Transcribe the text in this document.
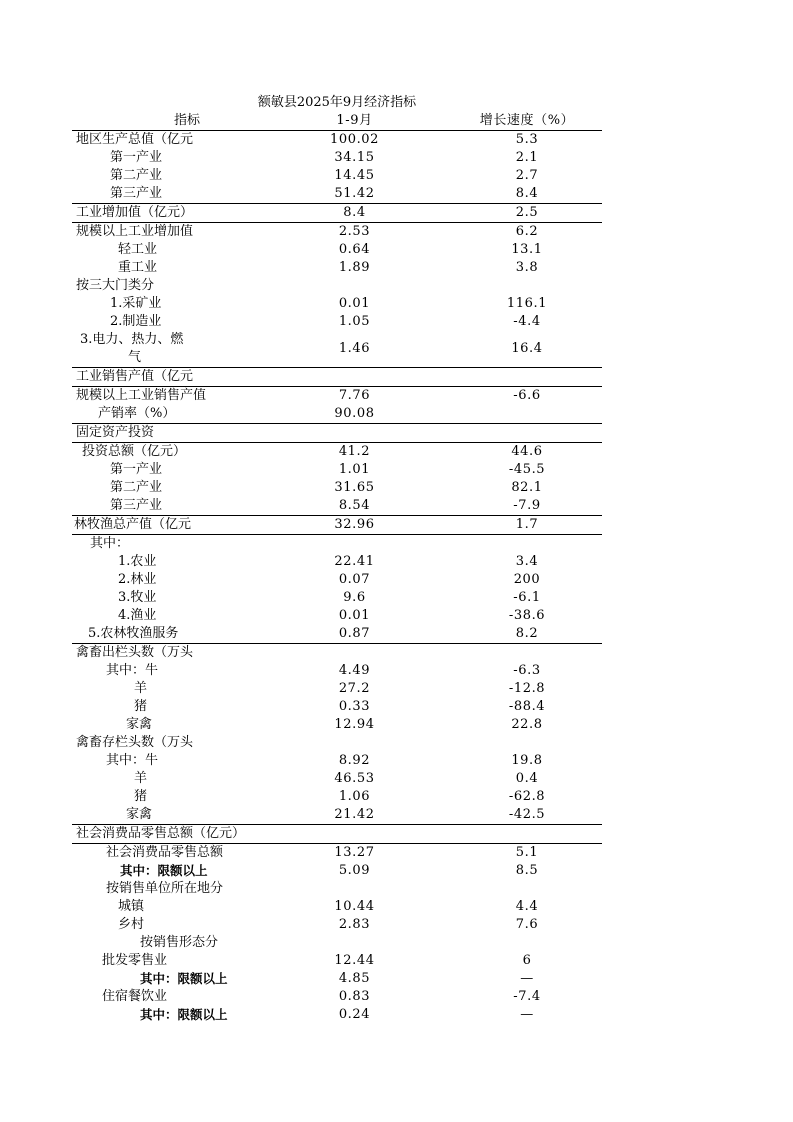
额敏县2025年9月经济指标
指标	1-9月	增长速度（%）
地区生产总值（亿元	100.02	5.3
第一产业	34.15	2.1
第二产业	14.45	2.7
第三产业	51.42	8.4
工业增加值（亿元）	8.4	2.5
规模以上工业增加值	2.53	6.2
轻工业	0.64	13.1
重工业	1.89	3.8
按三大门类分
1.采矿业	0.01	116.1
2.制造业	1.05	-4.4
3.电力、热力、燃
气
1.46	16.4
工业销售产值（亿元
规模以上工业销售产值	7.76	-6.6
产销率（%）	90.08
固定资产投资
投资总额（亿元）	41.2	44.6
第一产业	1.01	-45.5
第二产业	31.65	82.1
第三产业	8.54	-7.9
林牧渔总产值（亿元	32.96	1.7
其中：
1.农业	22.41	3.4
2.林业	0.07	200
3.牧业	9.6	-6.1
4.渔业	0.01	-38.6
5.农林牧渔服务	0.87	8.2
禽畜出栏头数（万头
其中：牛	4.49	-6.3
羊	27.2	-12.8
猪	0.33	-88.4
家禽	12.94	22.8
禽畜存栏头数（万头
其中：牛	8.92	19.8
羊	46.53	0.4
猪	1.06	-62.8
家禽	21.42	-42.5
社会消费品零售总额（亿元）
社会消费品零售总额	13.27	5.1
其中：限额以上	5.09	8.5
按销售单位所在地分
城镇	10.44	4.4
乡村	2.83	7.6
按销售形态分
批发零售业	12.44	6
其中：限额以上	4.85	—
住宿餐饮业	0.83	-7.4
其中：限额以上	0.24	—
